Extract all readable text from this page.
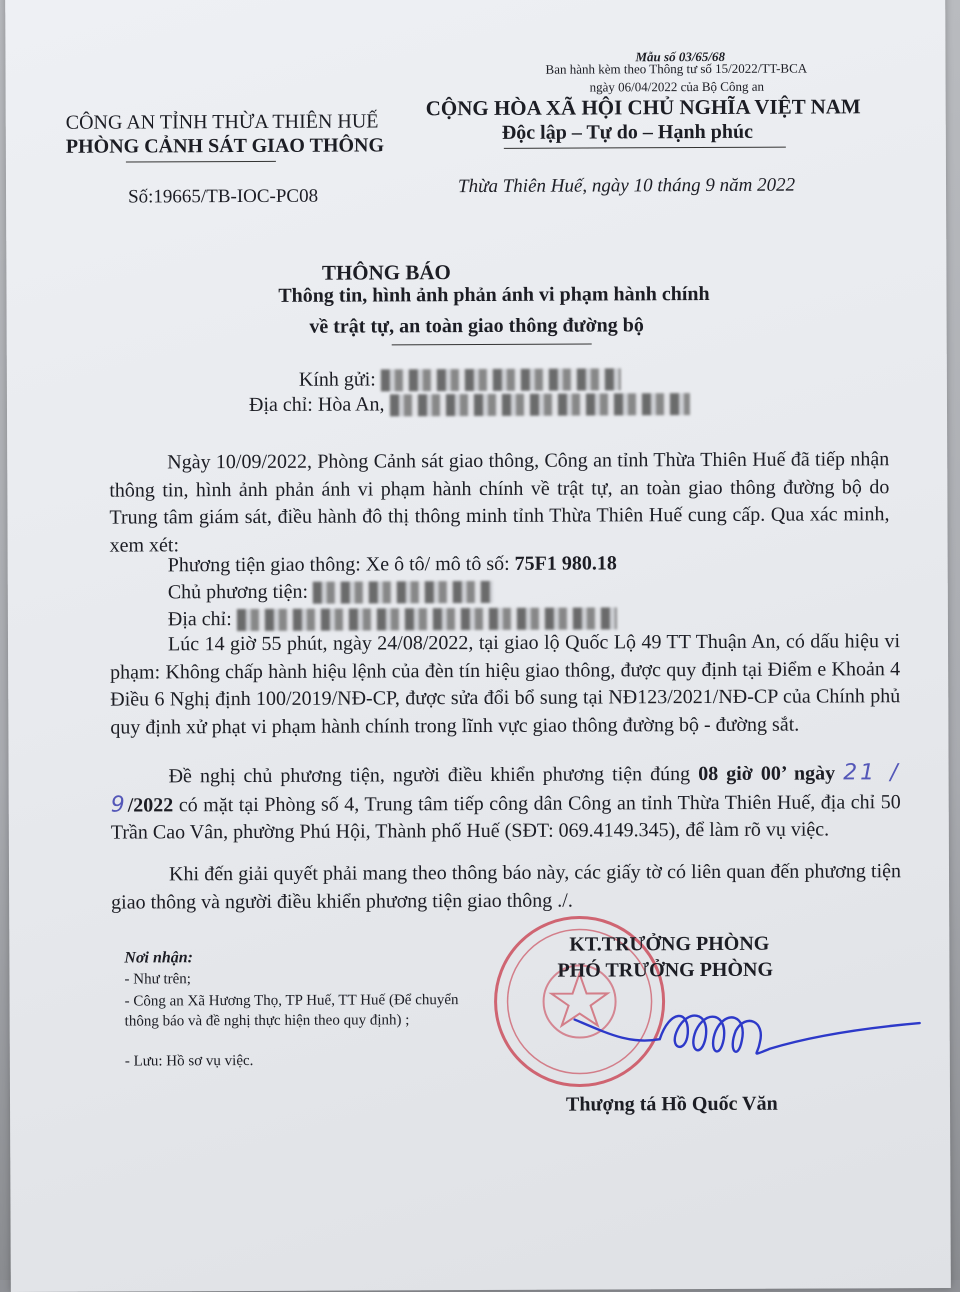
Mẫu số 03/65/68
Ban hành kèm theo Thông tư số 15/2022/TT-BCA
ngày 06/04/2022 của Bộ Công an
CÔNG AN TỈNH THỪA THIÊN HUẾ
PHÒNG CẢNH SÁT GIAO THÔNG
CỘNG HÒA XÃ HỘI CHỦ NGHĨA VIỆT NAM
Độc lập – Tự do – Hạnh phúc
Số:19665/TB-IOC-PC08	Thừa Thiên Huế, ngày 10 tháng 9 năm 2022
THÔNG BÁO
Thông tin, hình ảnh phản ánh vi phạm hành chính
về trật tự, an toàn giao thông đường bộ
Kính gửi:
Địa chỉ: Hòa An,
Ngày 10/09/2022, Phòng Cảnh sát giao thông, Công an tỉnh Thừa Thiên Huế đã tiếp nhận thông tin, hình ảnh phản ánh vi phạm hành chính về trật tự, an toàn giao thông đường bộ do Trung tâm giám sát, điều hành đô thị thông minh tỉnh Thừa Thiên Huế cung cấp. Qua xác minh, xem xét:
Phương tiện giao thông: Xe ô tô/ mô tô số: 75F1 980.18
Chủ phương tiện:
Địa chỉ:
Lúc 14 giờ 55 phút, ngày 24/08/2022, tại giao lộ Quốc Lộ 49 TT Thuận An, có dấu hiệu vi phạm: Không chấp hành hiệu lệnh của đèn tín hiệu giao thông, được quy định tại Điểm e Khoản 4 Điều 6 Nghị định 100/2019/NĐ-CP, được sửa đổi bổ sung tại NĐ123/2021/NĐ-CP của Chính phủ quy định xử phạt vi phạm hành chính trong lĩnh vực giao thông đường bộ - đường sắt.
Đề nghị chủ phương tiện, người điều khiển phương tiện đúng 08 giờ 00’ ngày 21 / 9/2022 có mặt tại Phòng số 4, Trung tâm tiếp công dân Công an tỉnh Thừa Thiên Huế, địa chỉ 50 Trần Cao Vân, phường Phú Hội, Thành phố Huế (SĐT: 069.4149.345), để làm rõ vụ việc.
Khi đến giải quyết phải mang theo thông báo này, các giấy tờ có liên quan đến phương tiện giao thông và người điều khiển phương tiện giao thông ./.
Nơi nhận:
- Như trên;
- Công an Xã Hương Thọ, TP Huế, TT Huế (Để chuyển thông báo và đề nghị thực hiện theo quy định) ;
- Lưu: Hồ sơ vụ việc.
KT.TRƯỞNG PHÒNG
PHÓ TRƯỞNG PHÒNG
Thượng tá Hồ Quốc Văn
